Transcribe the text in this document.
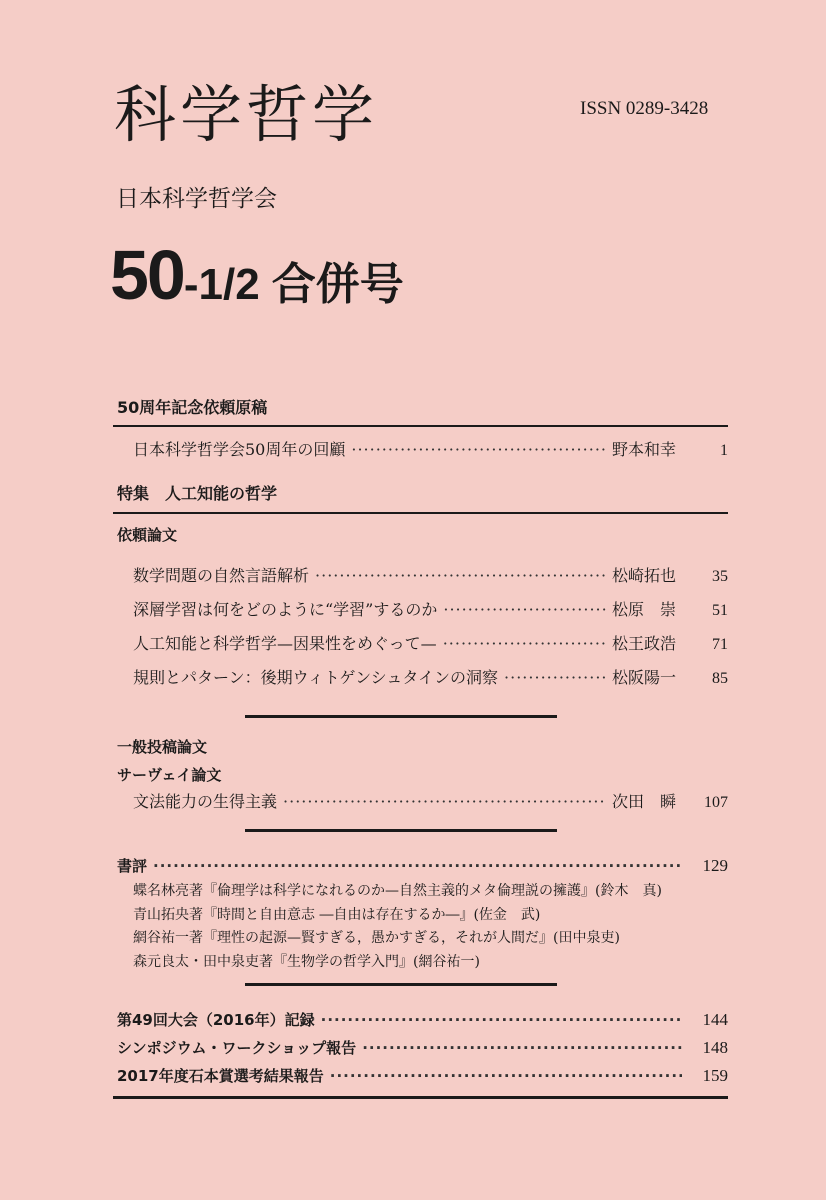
科学哲学	ISSN 0289-3428
日本科学哲学会
50-1/2 合併号
50周年記念依頼原稿
日本科学哲学会50周年の回顧 ·····	野本和幸	1
特集　人工知能の哲学
依頼論文
数学問題の自然言語解析 ·····	松崎拓也	35
深層学習は何をどのように“学習”するのか ·····	松原　崇	51
人工知能と科学哲学—因果性をめぐって— ·····	松王政浩	71
規則とパターン：後期ウィトゲンシュタインの洞察 ·····	松阪陽一	85
一般投稿論文
サーヴェイ論文
文法能力の生得主義 ·····	次田　瞬	107
書評 ·····	129
蝶名林亮著『倫理学は科学になれるのか—自然主義的メタ倫理説の擁護』(鈴木　真)
青山拓央著『時間と自由意志 ―自由は存在するか―』(佐金　武)
網谷祐一著『理性の起源—賢すぎる，愚かすぎる，それが人間だ』(田中泉吏)
森元良太・田中泉吏著『生物学の哲学入門』(網谷祐一)
第49回大会（2016年）記録 ·····	144
シンポジウム・ワークショップ報告 ·····	148
2017年度石本賞選考結果報告 ·····	159
